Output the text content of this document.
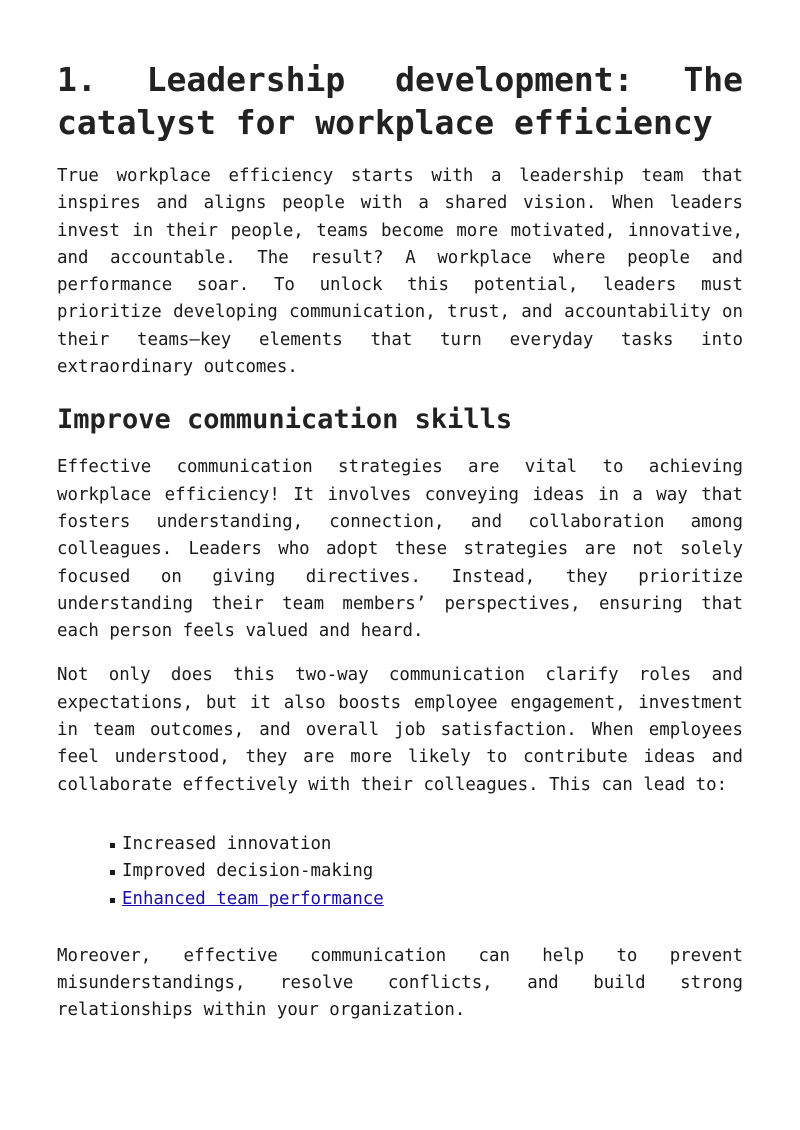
1. Leadership development: The catalyst for workplace efficiency

True workplace efficiency starts with a leadership team that inspires and aligns people with a shared vision. When leaders invest in their people, teams become more motivated, innovative, and accountable. The result? A workplace where people and performance soar. To unlock this potential, leaders must prioritize developing communication, trust, and accountability on their teams—key elements that turn everyday tasks into extraordinary outcomes.

Improve communication skills

Effective communication strategies are vital to achieving workplace efficiency! It involves conveying ideas in a way that fosters understanding, connection, and collaboration among colleagues. Leaders who adopt these strategies are not solely focused on giving directives. Instead, they prioritize understanding their team members’ perspectives, ensuring that each person feels valued and heard.

Not only does this two-way communication clarify roles and expectations, but it also boosts employee engagement, investment in team outcomes, and overall job satisfaction. When employees feel understood, they are more likely to contribute ideas and collaborate effectively with their colleagues. This can lead to:

Increased innovation
Improved decision-making
Enhanced team performance

Moreover, effective communication can help to prevent misunderstandings, resolve conflicts, and build strong relationships within your organization.
